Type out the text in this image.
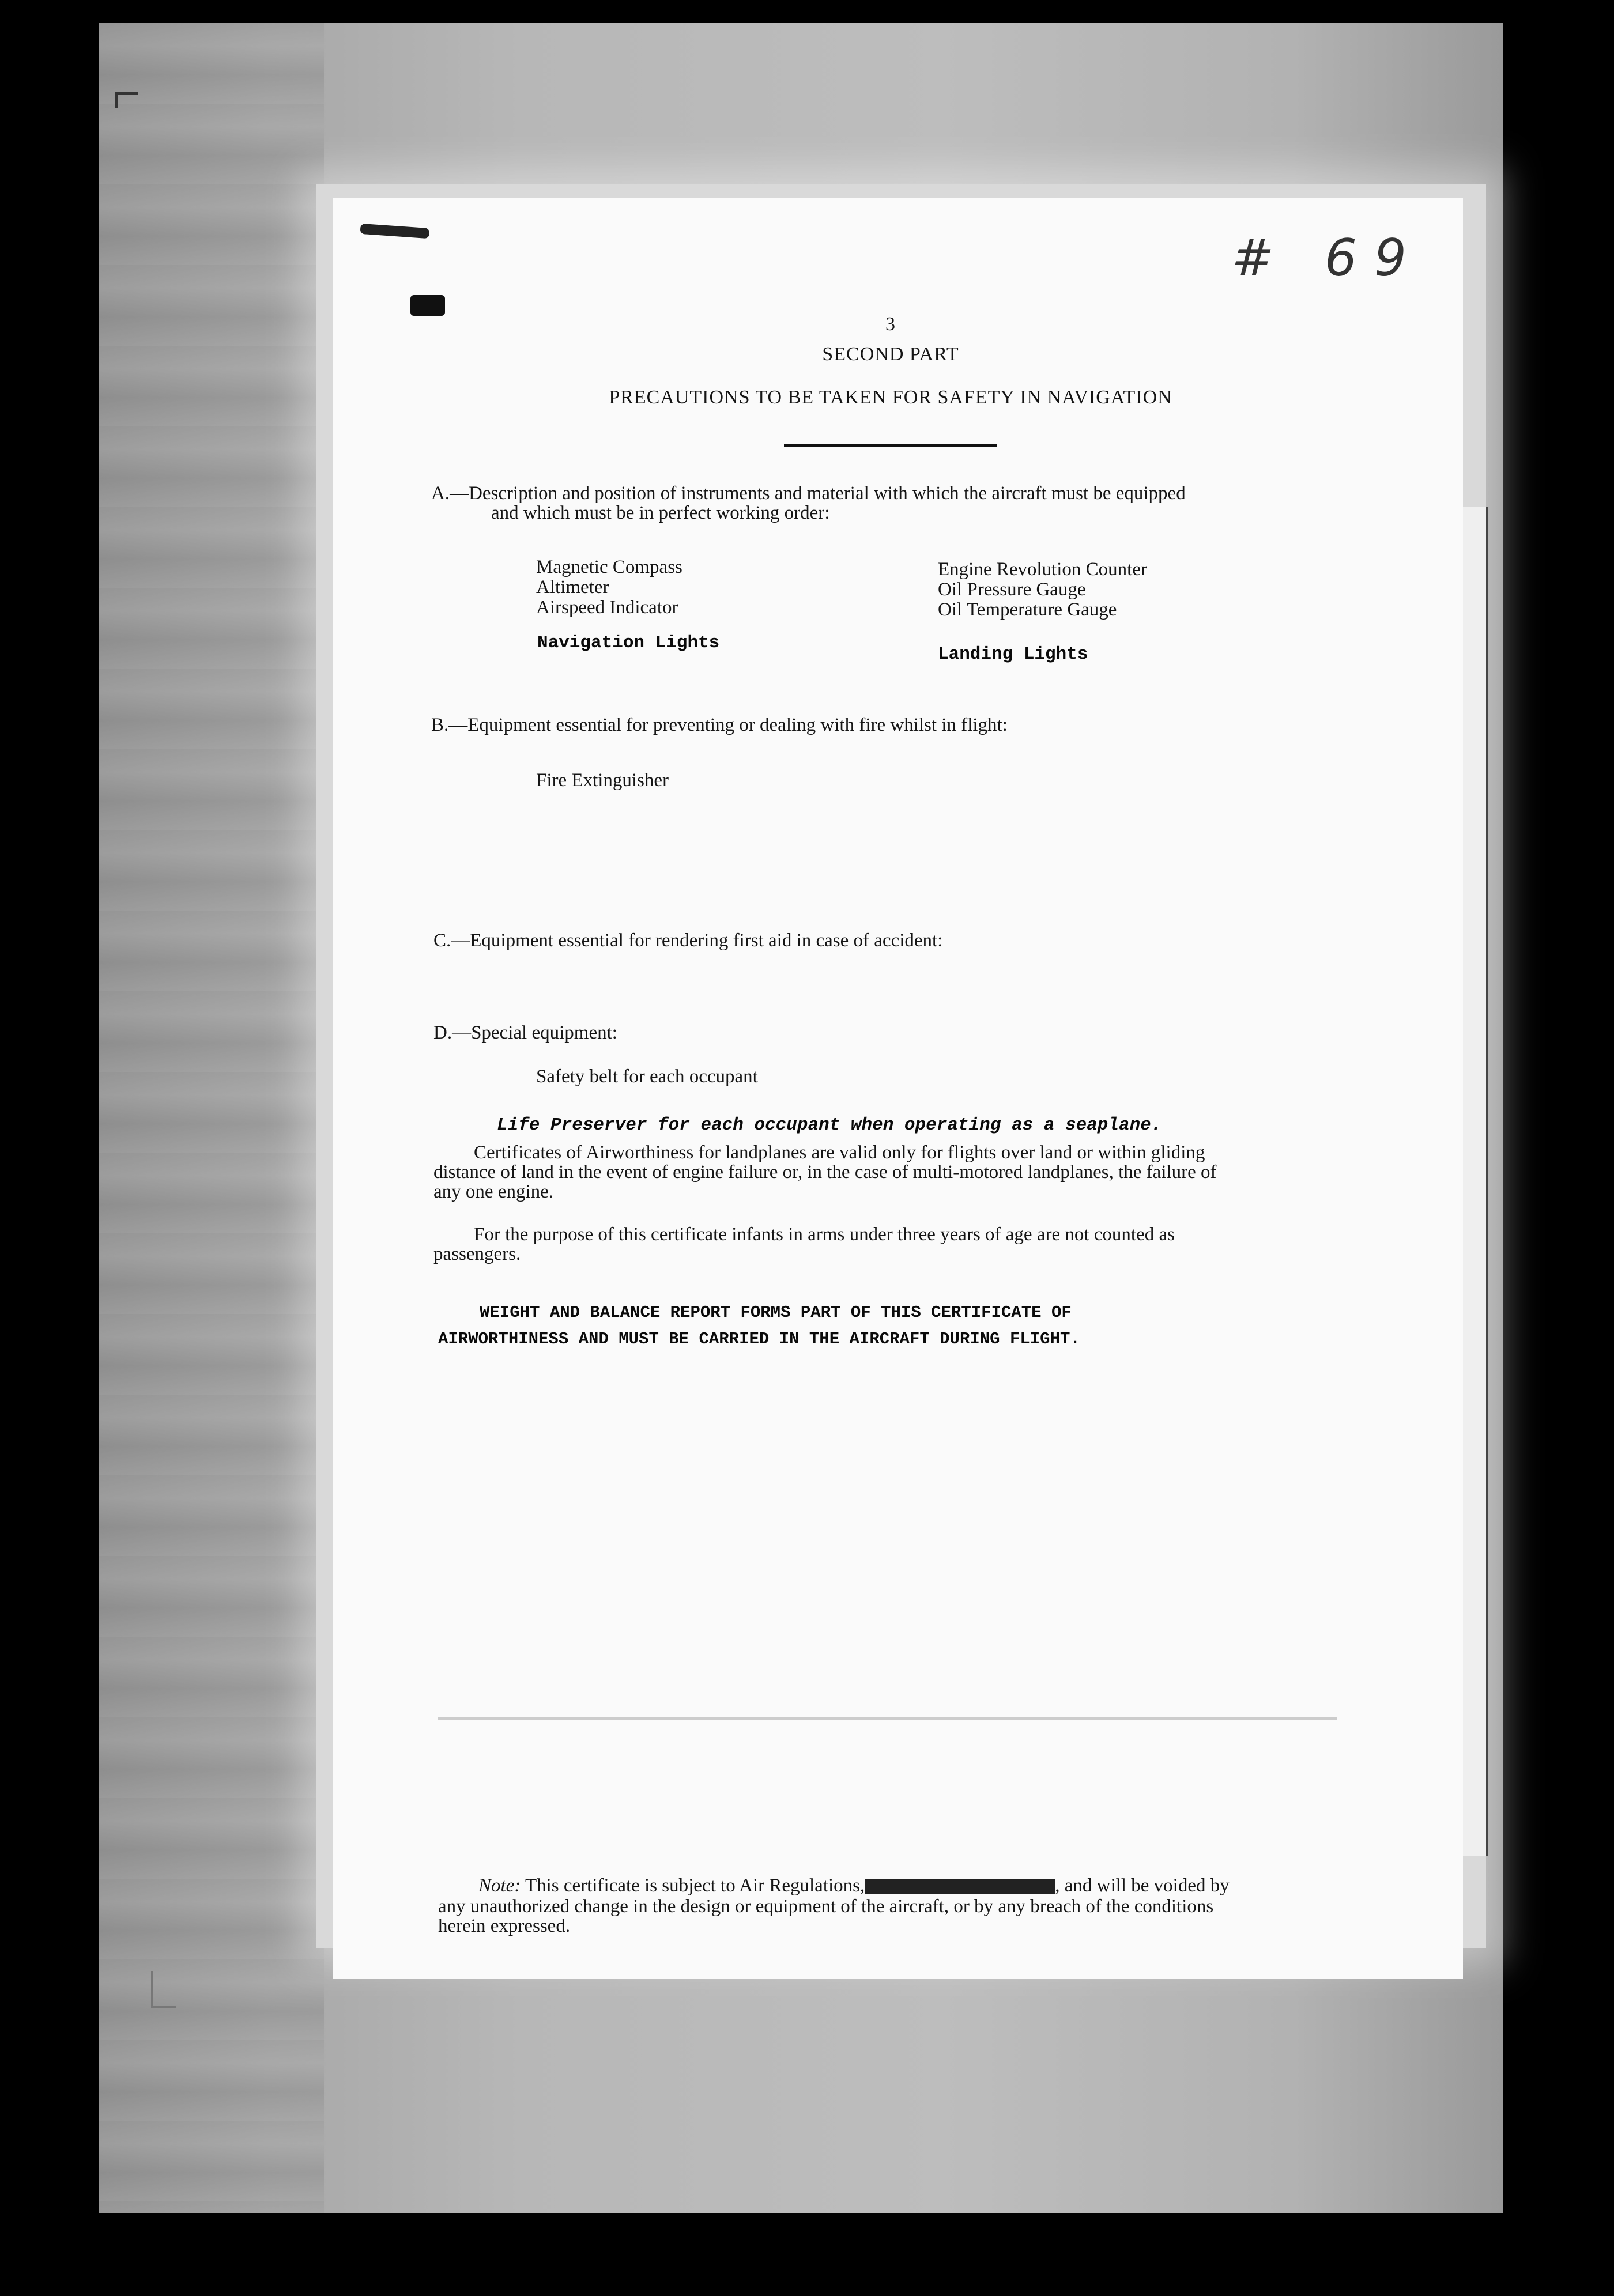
# 69
3
SECOND PART
PRECAUTIONS TO BE TAKEN FOR SAFETY IN NAVIGATION
A.—Description and position of instruments and material with which the aircraft must be equipped
and which must be in perfect working order:
Magnetic Compass
Altimeter
Airspeed Indicator
Engine Revolution Counter
Oil Pressure Gauge
Oil Temperature Gauge
Navigation Lights
Landing Lights
B.—Equipment essential for preventing or dealing with fire whilst in flight:
Fire Extinguisher
C.—Equipment essential for rendering first aid in case of accident:
D.—Special equipment:
Safety belt for each occupant
Life Preserver for each occupant when operating as a seaplane.
Certificates of Airworthiness for landplanes are valid only for flights over land or within gliding
distance of land in the event of engine failure or, in the case of multi-motored landplanes, the failure of
any one engine.
For the purpose of this certificate infants in arms under three years of age are not counted as
passengers.
WEIGHT AND BALANCE REPORT FORMS PART OF THIS CERTIFICATE OF
AIRWORTHINESS AND MUST BE CARRIED IN THE AIRCRAFT DURING FLIGHT.
Note: This certificate is subject to Air Regulations,	, and will be voided by
any unauthorized change in the design or equipment of the aircraft, or by any breach of the conditions
herein expressed.
